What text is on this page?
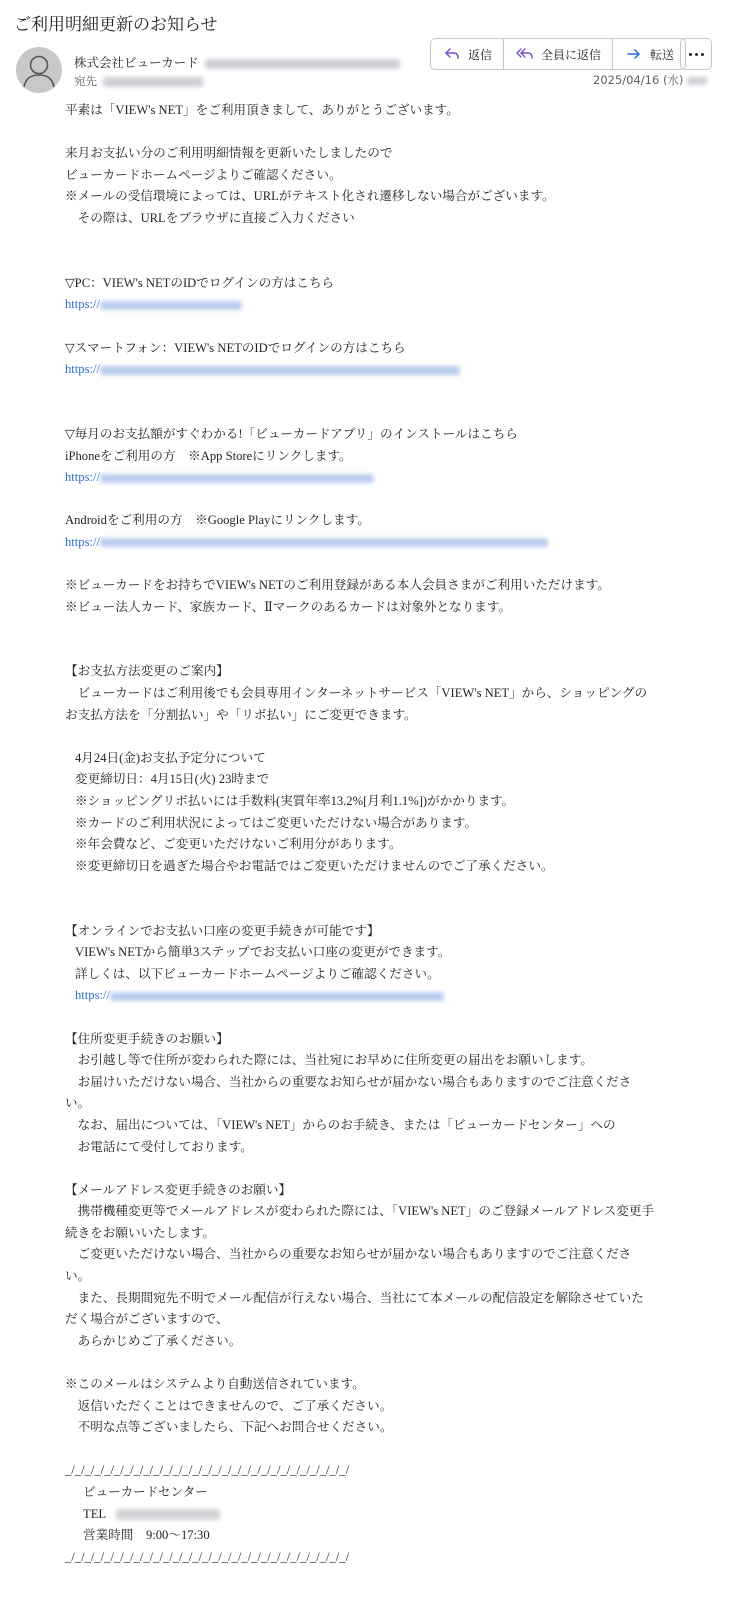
ご利用明細更新のお知らせ
株式会社ビューカード
宛先
返信	全員に返信	転送
2025/04/16 (水)

平素は「VIEW's NET」をご利用頂きまして、ありがとうございます。

来月お支払い分のご利用明細情報を更新いたしましたので

ビューカードホームページよりご確認ください。

※メールの受信環境によっては、URLがテキスト化され遷移しない場合がございます。

　その際は、URLをブラウザに直接ご入力ください

▽PC：VIEW's NETのIDでログインの方はこちら

https://

▽スマートフォン：VIEW's NETのIDでログインの方はこちら

https://

▽毎月のお支払額がすぐわかる!「ビューカードアプリ」のインストールはこちら

iPhoneをご利用の方　※App Storeにリンクします。

https://

Androidをご利用の方　※Google Playにリンクします。

https://

※ビューカードをお持ちでVIEW's NETのご利用登録がある本人会員さまがご利用いただけます。

※ビュー法人カード、家族カード、Ⅱマークのあるカードは対象外となります。

【お支払方法変更のご案内】

　ビューカードはご利用後でも会員専用インターネットサービス「VIEW's NET」から、ショッピングのお支払方法を「分割払い」や「リボ払い」にご変更できます。

4月24日(金)お支払予定分について

変更締切日：4月15日(火) 23時まで

※ショッピングリボ払いには手数料(実質年率13.2%[月利1.1%])がかかります。

※カードのご利用状況によってはご変更いただけない場合があります。

※年会費など、ご変更いただけないご利用分があります。

※変更締切日を過ぎた場合やお電話ではご変更いただけませんのでご了承ください。

【オンラインでお支払い口座の変更手続きが可能です】

VIEW's NETから簡単3ステップでお支払い口座の変更ができます。

詳しくは、以下ビューカードホームページよりご確認ください。

https://

【住所変更手続きのお願い】

　お引越し等で住所が変わられた際には、当社宛にお早めに住所変更の届出をお願いします。
　お届けいただけない場合、当社からの重要なお知らせが届かない場合もありますのでご注意ください。
　なお、届出については、「VIEW's NET」からのお手続き、または「ビューカードセンター」への
　お電話にて受付しております。

【メールアドレス変更手続きのお願い】

　携帯機種変更等でメールアドレスが変わられた際には、「VIEW's NET」のご登録メールアドレス変更手続きをお願いいたします。
　ご変更いただけない場合、当社からの重要なお知らせが届かない場合もありますのでご注意ください。
　また、長期間宛先不明でメール配信が行えない場合、当社にて本メールの配信設定を解除させていただく場合がございますので、
　あらかじめご了承ください。

※このメールはシステムより自動送信されています。

　返信いただくことはできませんので、ご了承ください。

　不明な点等ございましたら、下記へお問合せください。

_/_/_/_/_/_/_/_/_/_/_/_/_/_/_/_/_/_/_/_/_/_/_/_/_/_/_/_/_/

ビューカードセンター

TEL

営業時間　9:00～17:30

_/_/_/_/_/_/_/_/_/_/_/_/_/_/_/_/_/_/_/_/_/_/_/_/_/_/_/_/_/
